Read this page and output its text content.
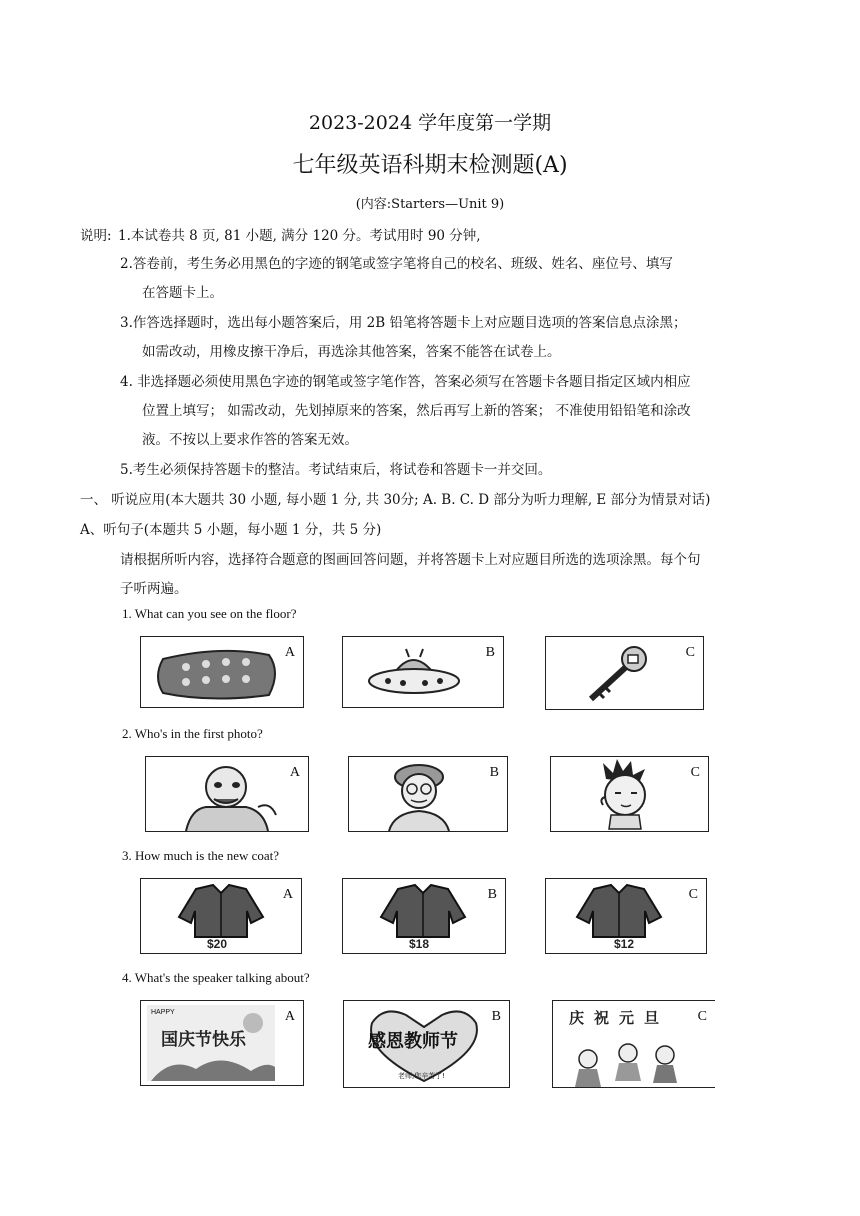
2023-2024 学年度第一学期
七年级英语科期末检测题(A)
(内容:Starters—Unit 9)
说明: 1.本试卷共 8 页, 81 小题, 满分 120 分。考试用时 90 分钟,
2.答卷前，考生务必用黑色的字迹的钢笔或签字笔将自己的校名、班级、姓名、座位号、填写
在答题卡上。
3.作答选择题时，选出每小题答案后，用 2B 铅笔将答题卡上对应题目选项的答案信息点涂黑；
如需改动，用橡皮擦干净后，再选涂其他答案，答案不能答在试卷上。
4. 非选择题必须使用黑色字迹的钢笔或签字笔作答，答案必须写在答题卡各题目指定区域内相应
位置上填写； 如需改动，先划掉原来的答案，然后再写上新的答案； 不准使用铅铅笔和涂改
液。不按以上要求作答的答案无效。
5.考生必须保持答题卡的整洁。考试结束后，将试卷和答题卡一并交回。
一、 听说应用(本大题共 30 小题, 每小题 1 分, 共 30分; A. B. C. D 部分为听力理解, E 部分为情景对话)
A、听句子(本题共 5 小题，每小题 1 分，共 5 分)
请根据所听内容，选择符合题意的图画回答问题，并将答题卡上对应题目所选的选项涂黑。每个句
子听两遍。
1. What can you see on the floor?
A	B	C
2. Who's in the first photo?
A	B	C
3. How much is the new coat?
$20
A
$18
B
$12
C
4. What's the speaker talking about?
HAPPY
国庆节快乐
A
感恩教师节
老师,您辛苦了!
B	庆祝元旦 C
